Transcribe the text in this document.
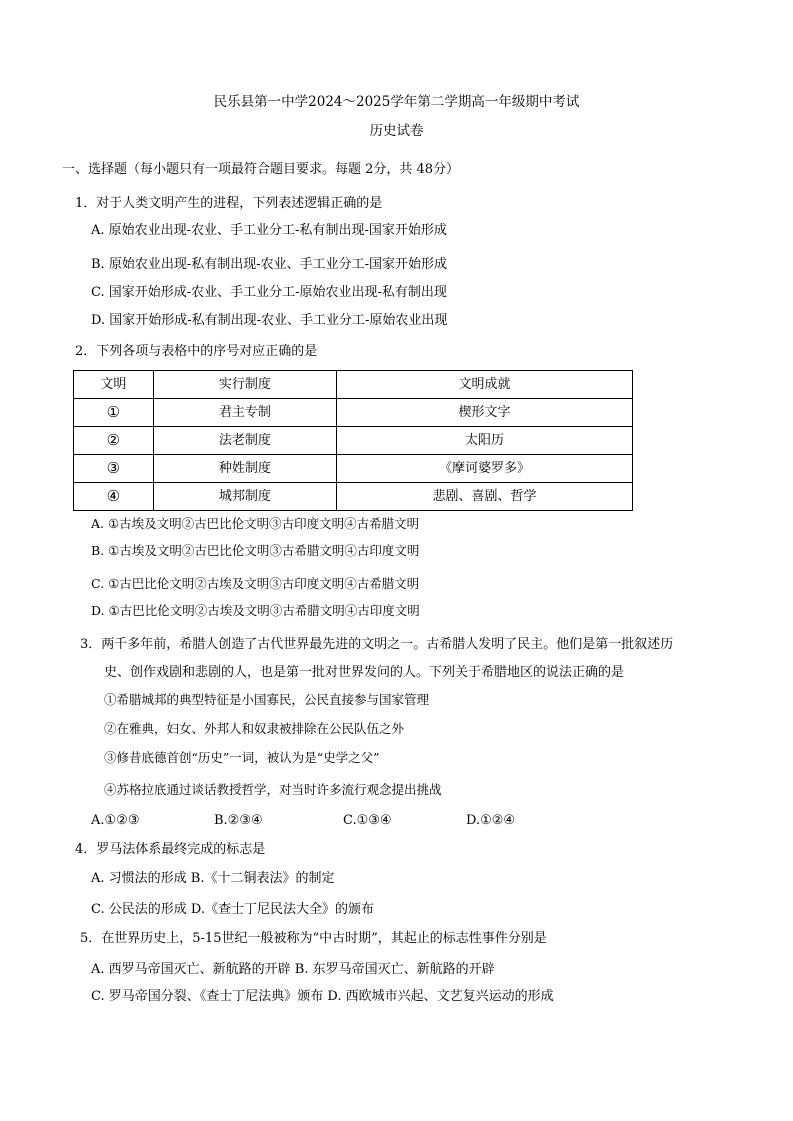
民乐县第一中学2024～2025学年第二学期高一年级期中考试
历史试卷
一、选择题（每小题只有一项最符合题目要求。每题 2分，共 48分）
1．对于人类文明产生的进程，下列表述逻辑正确的是
A. 原始农业出现-农业、手工业分工-私有制出现-国家开始形成
B. 原始农业出现-私有制出现-农业、手工业分工-国家开始形成
C. 国家开始形成-农业、手工业分工-原始农业出现-私有制出现
D. 国家开始形成-私有制出现-农业、手工业分工-原始农业出现
2．下列各项与表格中的序号对应正确的是
文明	实行制度	文明成就
①	君主专制	楔形文字
②	法老制度	太阳历
③	种姓制度	《摩诃婆罗多》
④	城邦制度	悲剧、喜剧、哲学
A. ①古埃及文明②古巴比伦文明③古印度文明④古希腊文明
B. ①古埃及文明②古巴比伦文明③古希腊文明④古印度文明
C. ①古巴比伦文明②古埃及文明③古印度文明④古希腊文明
D. ①古巴比伦文明②古埃及文明③古希腊文明④古印度文明
3．两千多年前，希腊人创造了古代世界最先进的文明之一。古希腊人发明了民主。他们是第一批叙述历
史、创作戏剧和悲剧的人，也是第一批对世界发问的人。下列关于希腊地区的说法正确的是
①希腊城邦的典型特征是小国寡民，公民直接参与国家管理
②在雅典，妇女、外邦人和奴隶被排除在公民队伍之外
③修昔底德首创“历史”一词，被认为是“史学之父”
④苏格拉底通过谈话教授哲学，对当时许多流行观念提出挑战
A.①②③	B.②③④	C.①③④	D.①②④
4．罗马法体系最终完成的标志是
A. 习惯法的形成 B.《十二铜表法》的制定
C. 公民法的形成 D.《查士丁尼民法大全》的颁布
5．在世界历史上，5-15世纪一般被称为“中古时期”，其起止的标志性事件分别是
A. 西罗马帝国灭亡、新航路的开辟 B. 东罗马帝国灭亡、新航路的开辟
C. 罗马帝国分裂、《查士丁尼法典》颁布 D. 西欧城市兴起、文艺复兴运动的形成
